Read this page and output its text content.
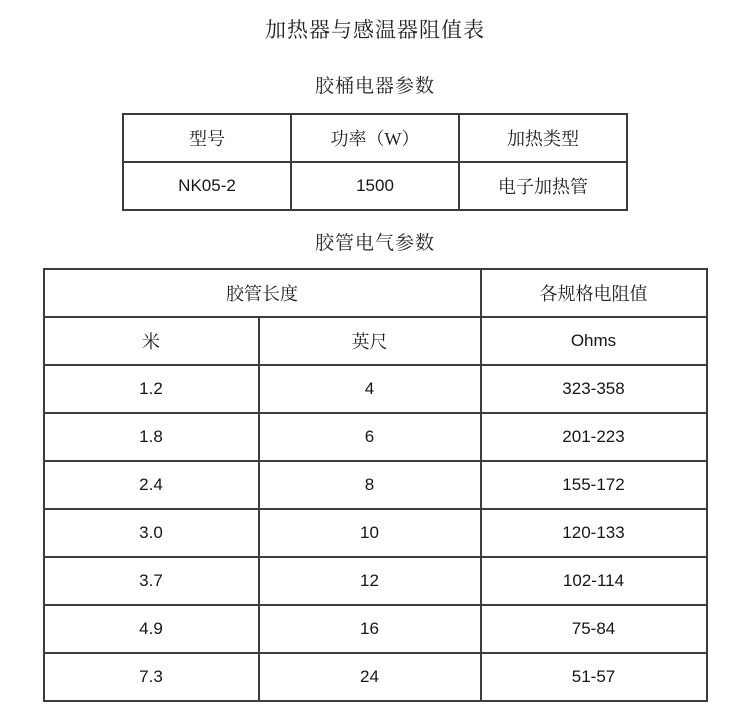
加热器与感温器阻值表
胶桶电器参数
型号	功率（W）	加热类型
NK05-2	1500	电子加热管
胶管电气参数
胶管长度		各规格电阻值
米	英尺	Ohms
1.2	4	323-358
1.8	6	201-223
2.4	8	155-172
3.0	10	120-133
3.7	12	102-114
4.9	16	75-84
7.3	24	51-57
